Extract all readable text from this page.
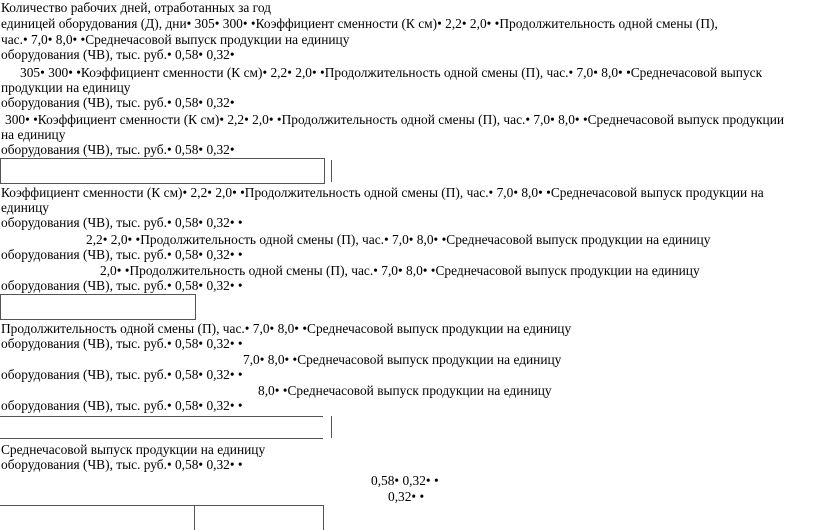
Количество рабочих дней, отработанных за год

единицей оборудования (Д), дни• 305• 300• •Коэффициент сменности (К см)• 2,2• 2,0• •Продолжительность одной смены (П),

час.• 7,0• 8,0• •Среднечасовой выпуск продукции на единицу

оборудования (ЧВ), тыс. руб.• 0,58• 0,32•

305• 300• •Коэффициент сменности (К см)• 2,2• 2,0• •Продолжительность одной смены (П), час.• 7,0• 8,0• •Среднечасовой выпуск

продукции на единицу

оборудования (ЧВ), тыс. руб.• 0,58• 0,32•

300• •Коэффициент сменности (К см)• 2,2• 2,0• •Продолжительность одной смены (П), час.• 7,0• 8,0• •Среднечасовой выпуск продукции

на единицу

оборудования (ЧВ), тыс. руб.• 0,58• 0,32•

Коэффициент сменности (К см)• 2,2• 2,0• •Продолжительность одной смены (П), час.• 7,0• 8,0• •Среднечасовой выпуск продукции на

единицу

оборудования (ЧВ), тыс. руб.• 0,58• 0,32• •

2,2• 2,0• •Продолжительность одной смены (П), час.• 7,0• 8,0• •Среднечасовой выпуск продукции на единицу

оборудования (ЧВ), тыс. руб.• 0,58• 0,32• •

2,0• •Продолжительность одной смены (П), час.• 7,0• 8,0• •Среднечасовой выпуск продукции на единицу

оборудования (ЧВ), тыс. руб.• 0,58• 0,32• •

Продолжительность одной смены (П), час.• 7,0• 8,0• •Среднечасовой выпуск продукции на единицу

оборудования (ЧВ), тыс. руб.• 0,58• 0,32• •

7,0• 8,0• •Среднечасовой выпуск продукции на единицу

оборудования (ЧВ), тыс. руб.• 0,58• 0,32• •

8,0• •Среднечасовой выпуск продукции на единицу

оборудования (ЧВ), тыс. руб.• 0,58• 0,32• •

Среднечасовой выпуск продукции на единицу

оборудования (ЧВ), тыс. руб.• 0,58• 0,32• •

0,58• 0,32• •

0,32• •
